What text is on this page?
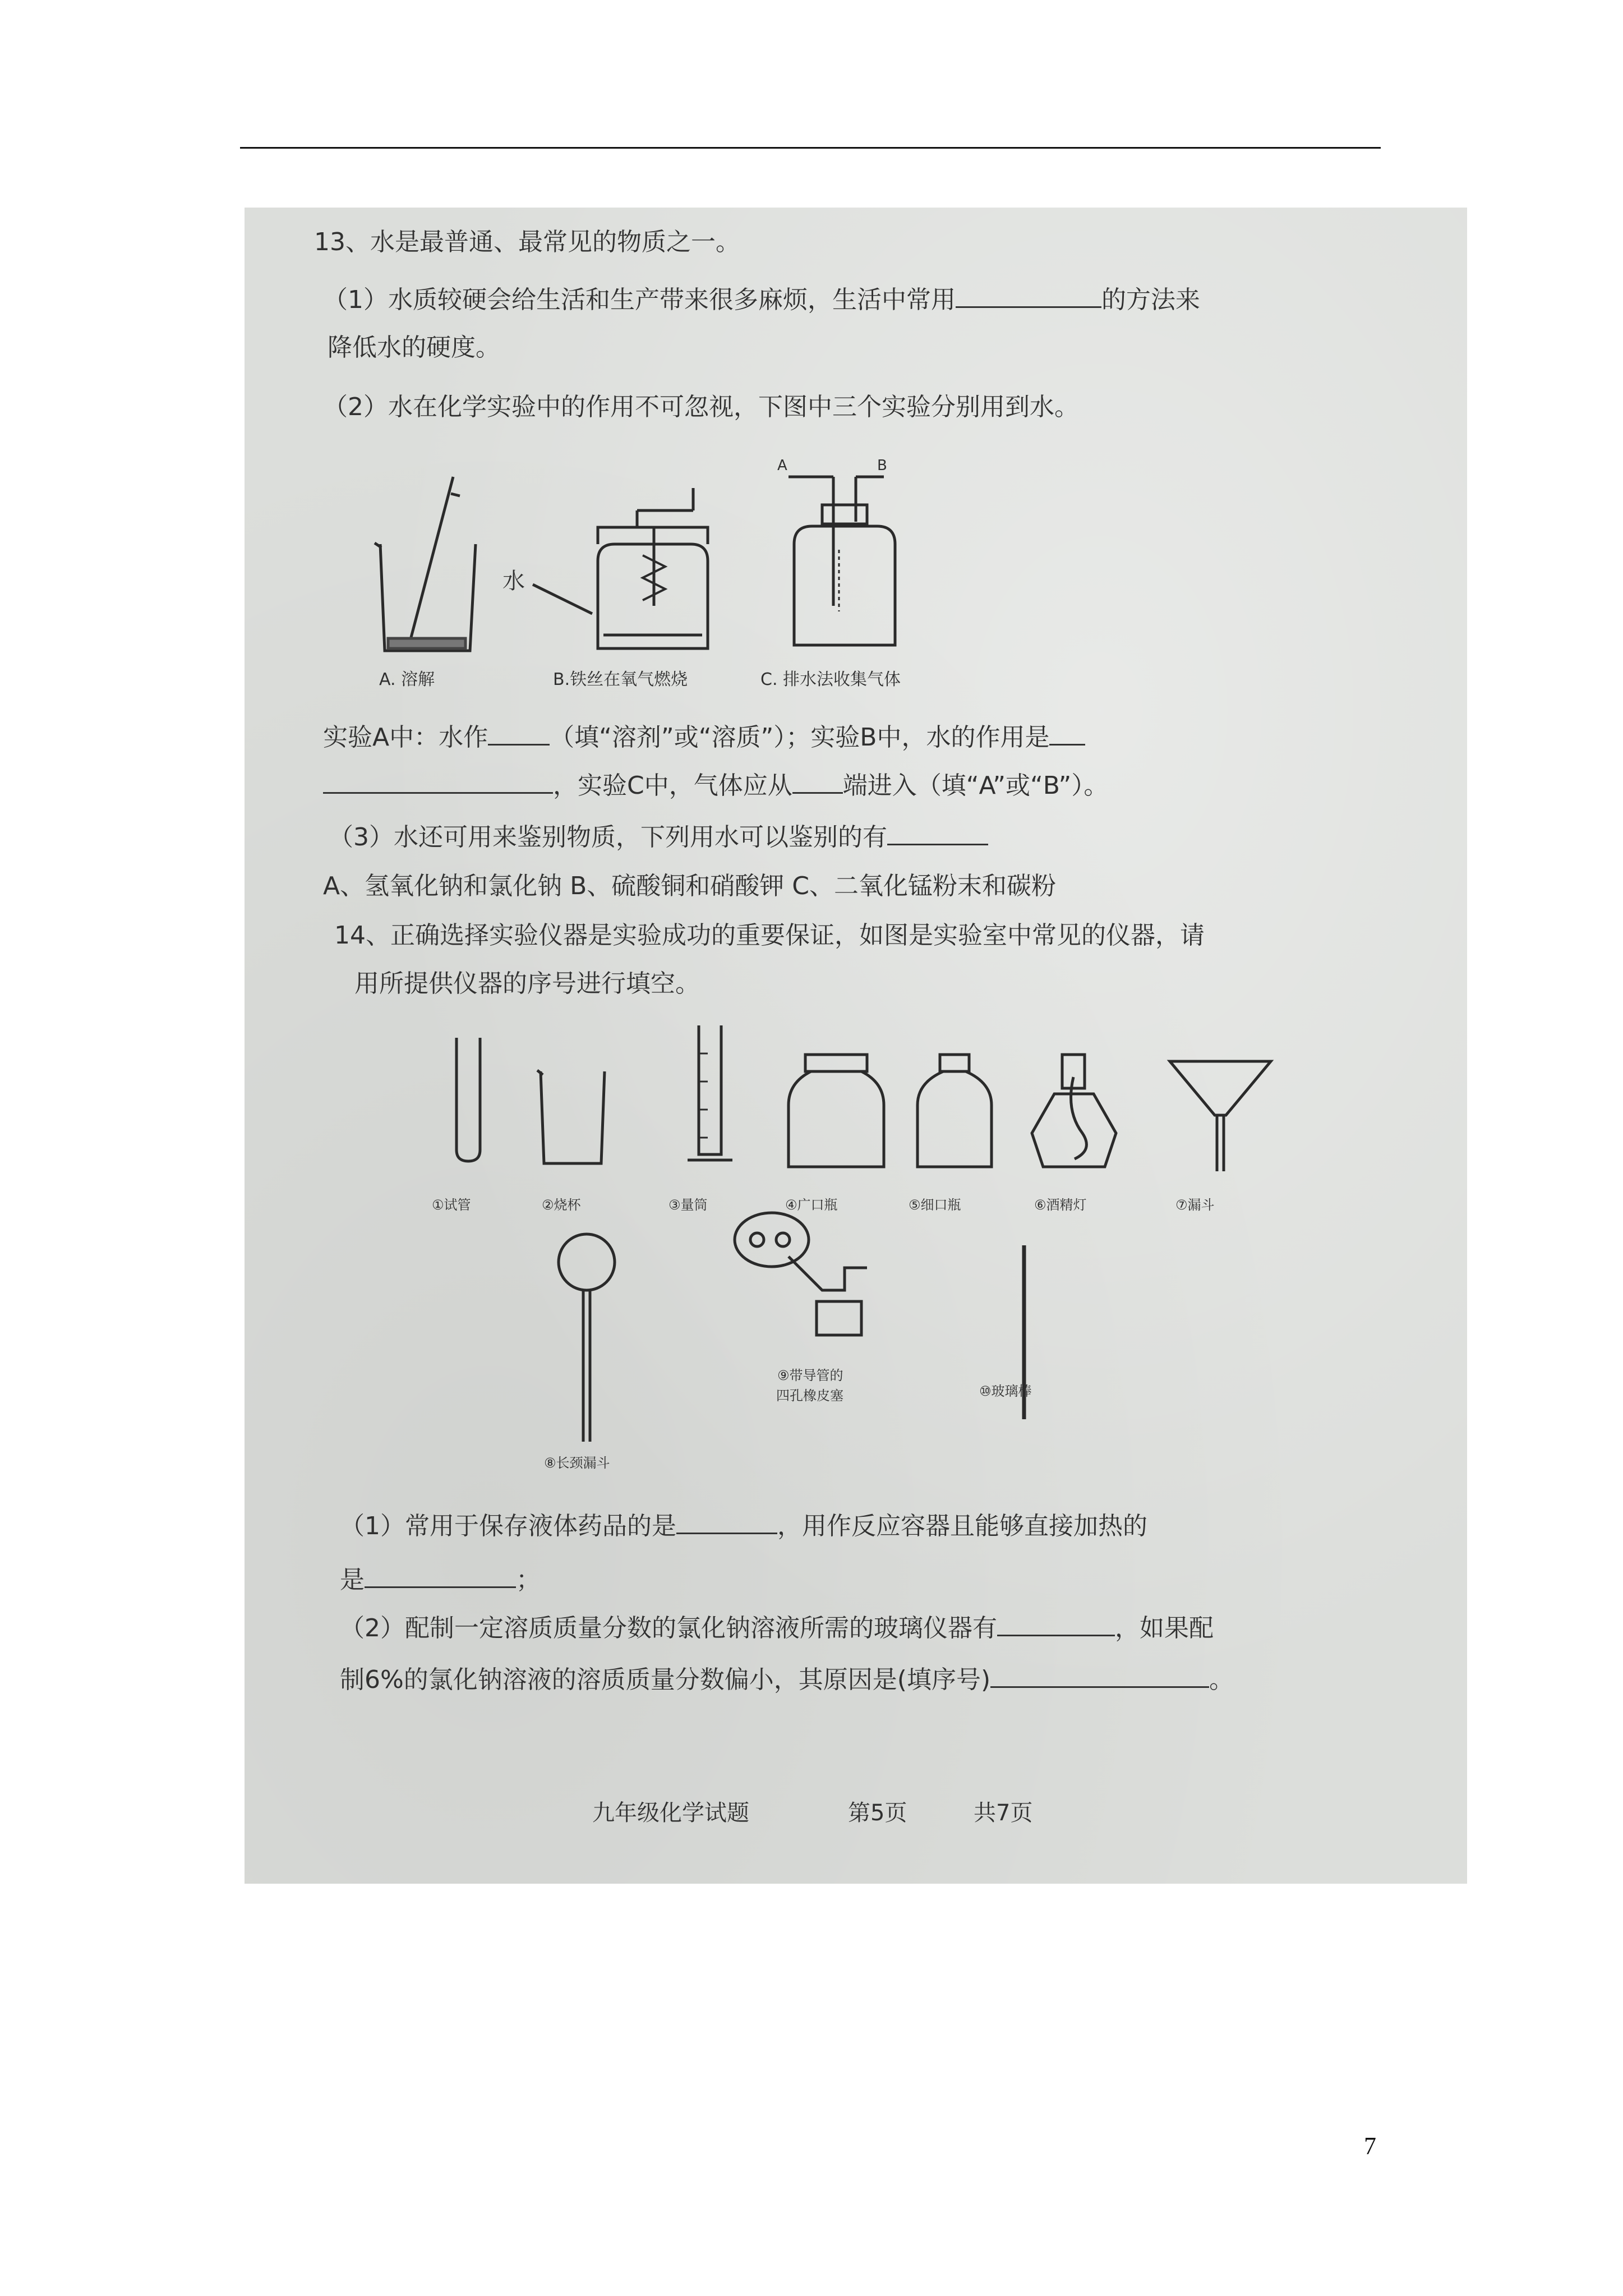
13、水是最普通、最常见的物质之一。
（1）水质较硬会给生活和生产带来很多麻烦，生活中常用	的方法来
降低水的硬度。
（2）水在化学实验中的作用不可忽视，下图中三个实验分别用到水。
水
A	B
A. 溶解	B.铁丝在氧气燃烧	C. 排水法收集气体
实验A中：水作	（填“溶剂”或“溶质”）；实验B中，水的作用是
，实验C中，气体应从 端进入（填“A”或“B”）。
（3）水还可用来鉴别物质，下列用水可以鉴别的有
A、氢氧化钠和氯化钠 B、硫酸铜和硝酸钾 C、二氧化锰粉末和碳粉
14、正确选择实验仪器是实验成功的重要保证，如图是实验室中常见的仪器，请
用所提供仪器的序号进行填空。
①试管	②烧杯	③量筒	④广口瓶	⑤细口瓶	⑥酒精灯	⑦漏斗
⑧长颈漏斗
⑨带导管的
四孔橡皮塞	⑩玻璃棒
（1）常用于保存液体药品的是	，用作反应容器且能够直接加热的
是	；
（2）配制一定溶质质量分数的氯化钠溶液所需的玻璃仪器有	，如果配
制6%的氯化钠溶液的溶质质量分数偏小，其原因是(填序号)	。
九年级化学试题	第5页	共7页
7
